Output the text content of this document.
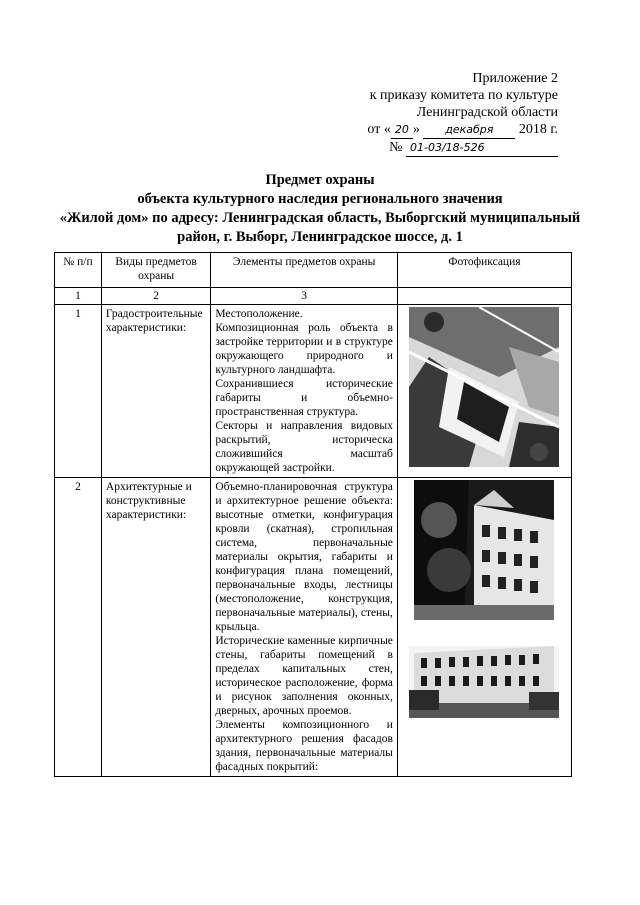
Приложение 2
к приказу комитета по культуре
Ленинградской области
от « 20 » декабря 2018 г.
№ 01-03/18-526
Предмет охраны
объекта культурного наследия регионального значения
«Жилой дом» по адресу: Ленинградская область, Выборгский муниципальный
район, г. Выборг, Ленинградское шоссе, д. 1
№ п/п	Виды предметов охраны	Элементы предметов охраны	Фотофиксация
1	2	3	
1	Градостроительные характеристики:	Местоположение.
Композиционная роль объекта в застройке территории и в структуре окружающего природного и культурного ландшафта.
Сохранившиеся исторические габариты и объемно-пространственная структура.
Секторы и направления видовых раскрытий, историческа сложившийся масштаб окружающей застройки.

2	Архитектурные и конструктивные характеристики:	Объемно-планировочная структура и архитектурное решение объекта: высотные отметки, конфигурация кровли (скатная), стропильная система, первоначальные материалы окрытия, габариты и конфигурация плана помещений, первоначальные входы, лестницы (местоположение, конструкция, первоначальные материалы), стены, крыльца.
Исторические каменные кирпичные стены, габариты помещений в пределах капитальных стен, историческое расположение, форма и рисунок заполнения оконных, дверных, арочных проемов.
Элементы композиционного и архитектурного решения фасадов здания, первоначальные материалы фасадных покрытий:
